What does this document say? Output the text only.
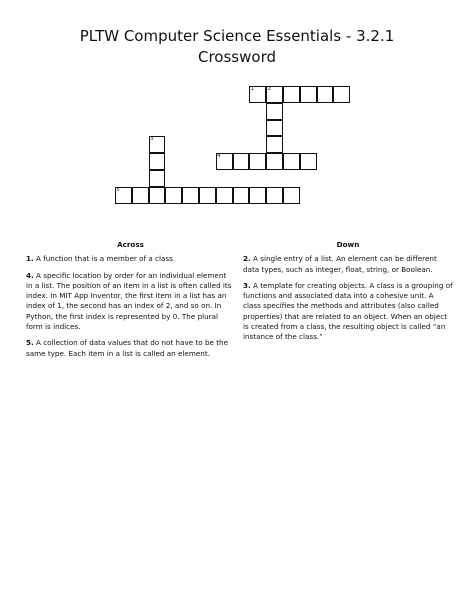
PLTW Computer Science Essentials - 3.2.1
Crossword
1	2
3
4
5
Across
1. A function that is a member of a class.
4. A specific location by order for an individual element in a list. The position of an item in a list is often called its index. In MIT App Inventor, the first item in a list has an index of 1, the second has an index of 2, and so on. In Python, the first index is represented by 0. The plural form is indices.
5. A collection of data values that do not have to be the same type. Each item in a list is called an element.
Down
2. A single entry of a list. An element can be different data types, such as integer, float, string, or Boolean.
3. A template for creating objects. A class is a grouping of functions and associated data into a cohesive unit. A class specifies the methods and attributes (also called properties) that are related to an object. When an object is created from a class, the resulting object is called “an instance of the class.”
